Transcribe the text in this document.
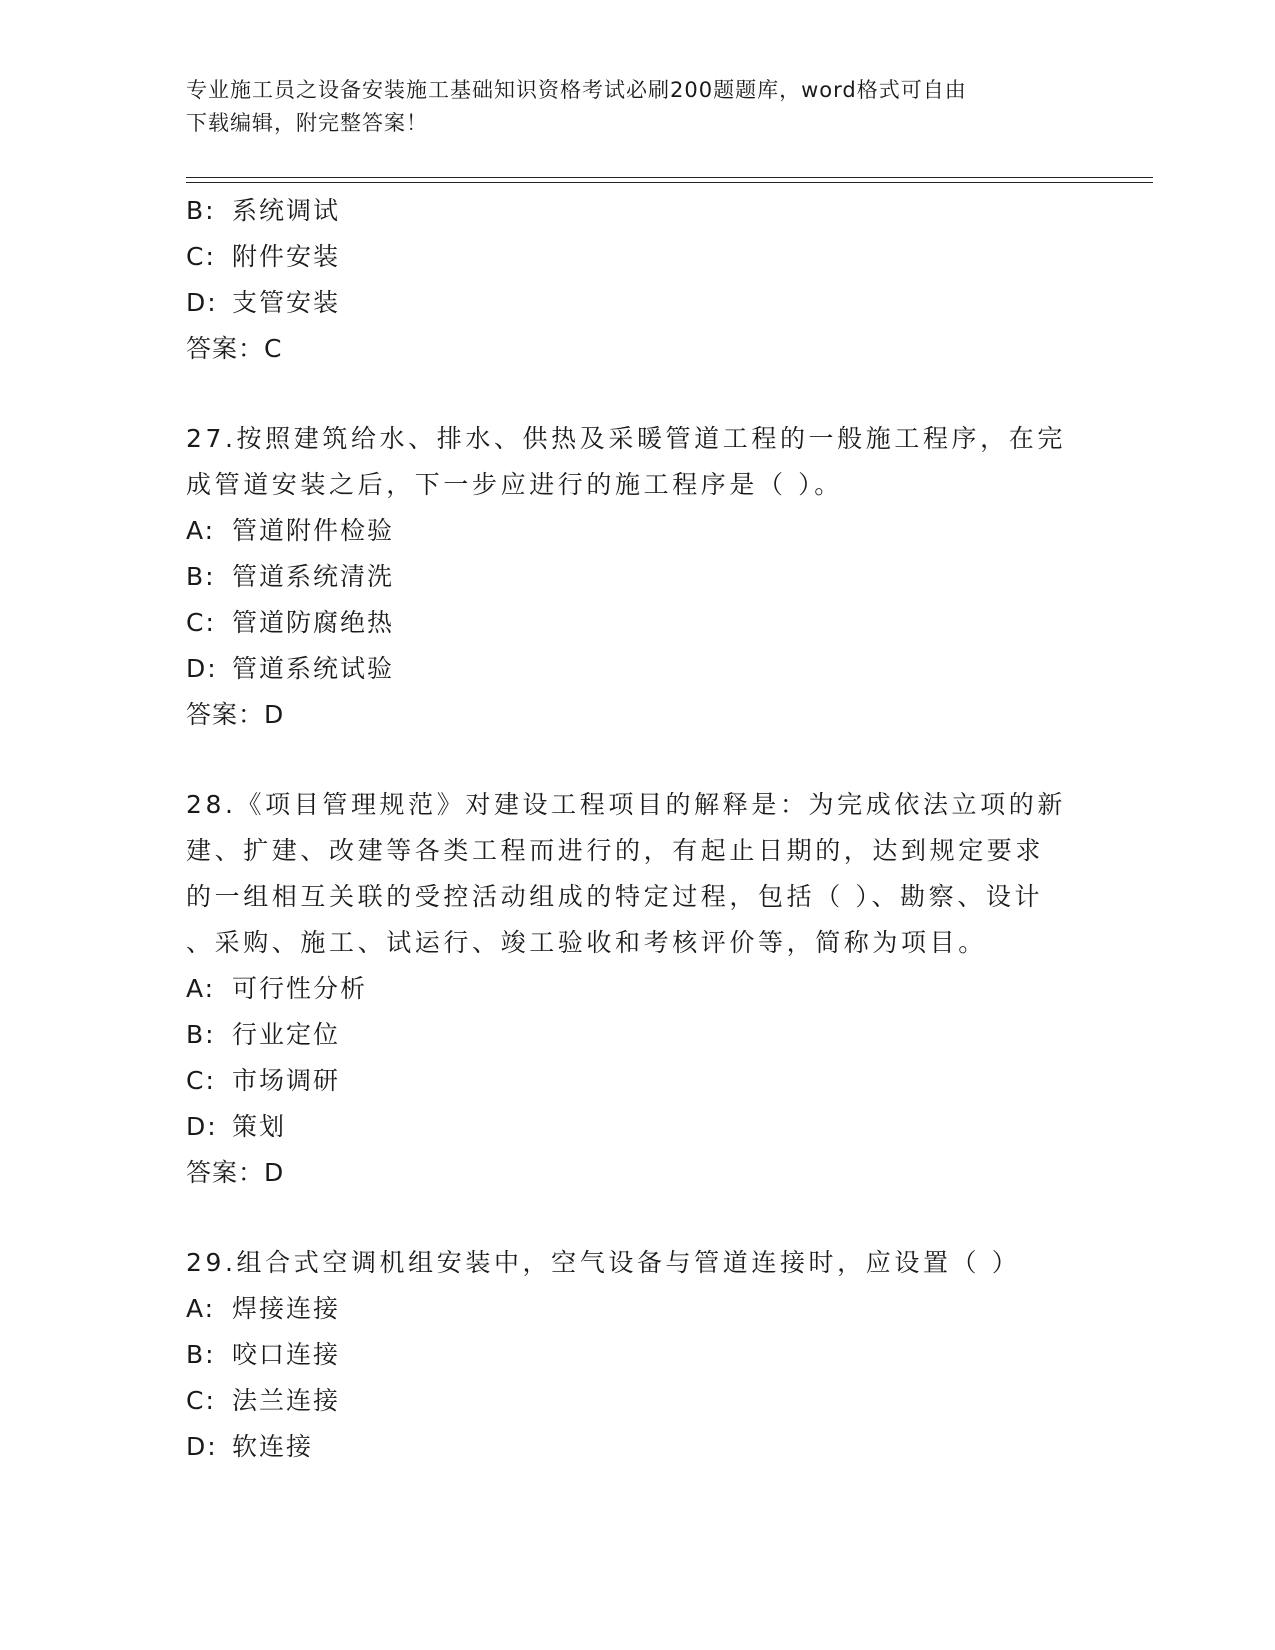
专业施工员之设备安装施工基础知识资格考试必刷200题题库，word格式可自由
下载编辑，附完整答案！
B: 系统调试
C: 附件安装
D: 支管安装
答案：C
27.按照建筑给水、排水、供热及采暖管道工程的一般施工程序，在完
成管道安装之后，下一步应进行的施工程序是（ ）。
A: 管道附件检验
B: 管道系统清洗
C: 管道防腐绝热
D: 管道系统试验
答案：D
28.《项目管理规范》对建设工程项目的解释是：为完成依法立项的新
建、扩建、改建等各类工程而进行的，有起止日期的，达到规定要求
的一组相互关联的受控活动组成的特定过程，包括（ ）、勘察、设计
、采购、施工、试运行、竣工验收和考核评价等，简称为项目。
A: 可行性分析
B: 行业定位
C: 市场调研
D: 策划
答案：D
29.组合式空调机组安装中，空气设备与管道连接时，应设置（ ）
A: 焊接连接
B: 咬口连接
C: 法兰连接
D: 软连接
